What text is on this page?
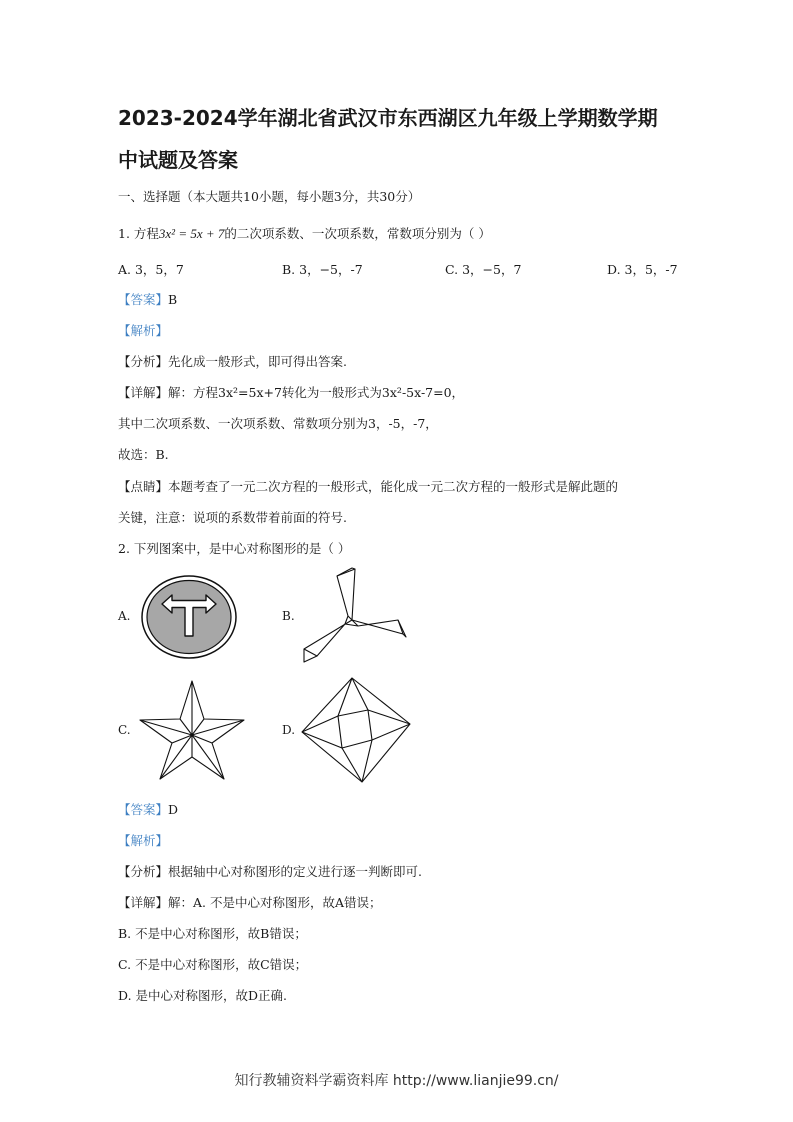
2023-2024学年湖北省武汉市东西湖区九年级上学期数学期
中试题及答案
一、选择题（本大题共10小题，每小题3分，共30分）
1. 方程3x² = 5x + 7的二次项系数、一次项系数，常数项分别为（ ）
A. 3，5，7	B. 3，−5，-7	C. 3，−5，7	D. 3，5，-7
【答案】B
【解析】
【分析】先化成一般形式，即可得出答案.
【详解】解：方程3x²=5x+7转化为一般形式为3x²-5x-7=0，
其中二次项系数、一次项系数、常数项分别为3，-5，-7，
故选：B.
【点睛】本题考查了一元二次方程的一般形式，能化成一元二次方程的一般形式是解此题的
关键，注意：说项的系数带着前面的符号.
2. 下列图案中，是中心对称图形的是（ ）
A.	B.
C.	D.
【答案】D
【解析】
【分析】根据轴中心对称图形的定义进行逐一判断即可.
【详解】解：A. 不是中心对称图形，故A错误；
B. 不是中心对称图形，故B错误；
C. 不是中心对称图形，故C错误；
D. 是中心对称图形，故D正确.
知行教辅资料学霸资料库 http://www.lianjie99.cn/
